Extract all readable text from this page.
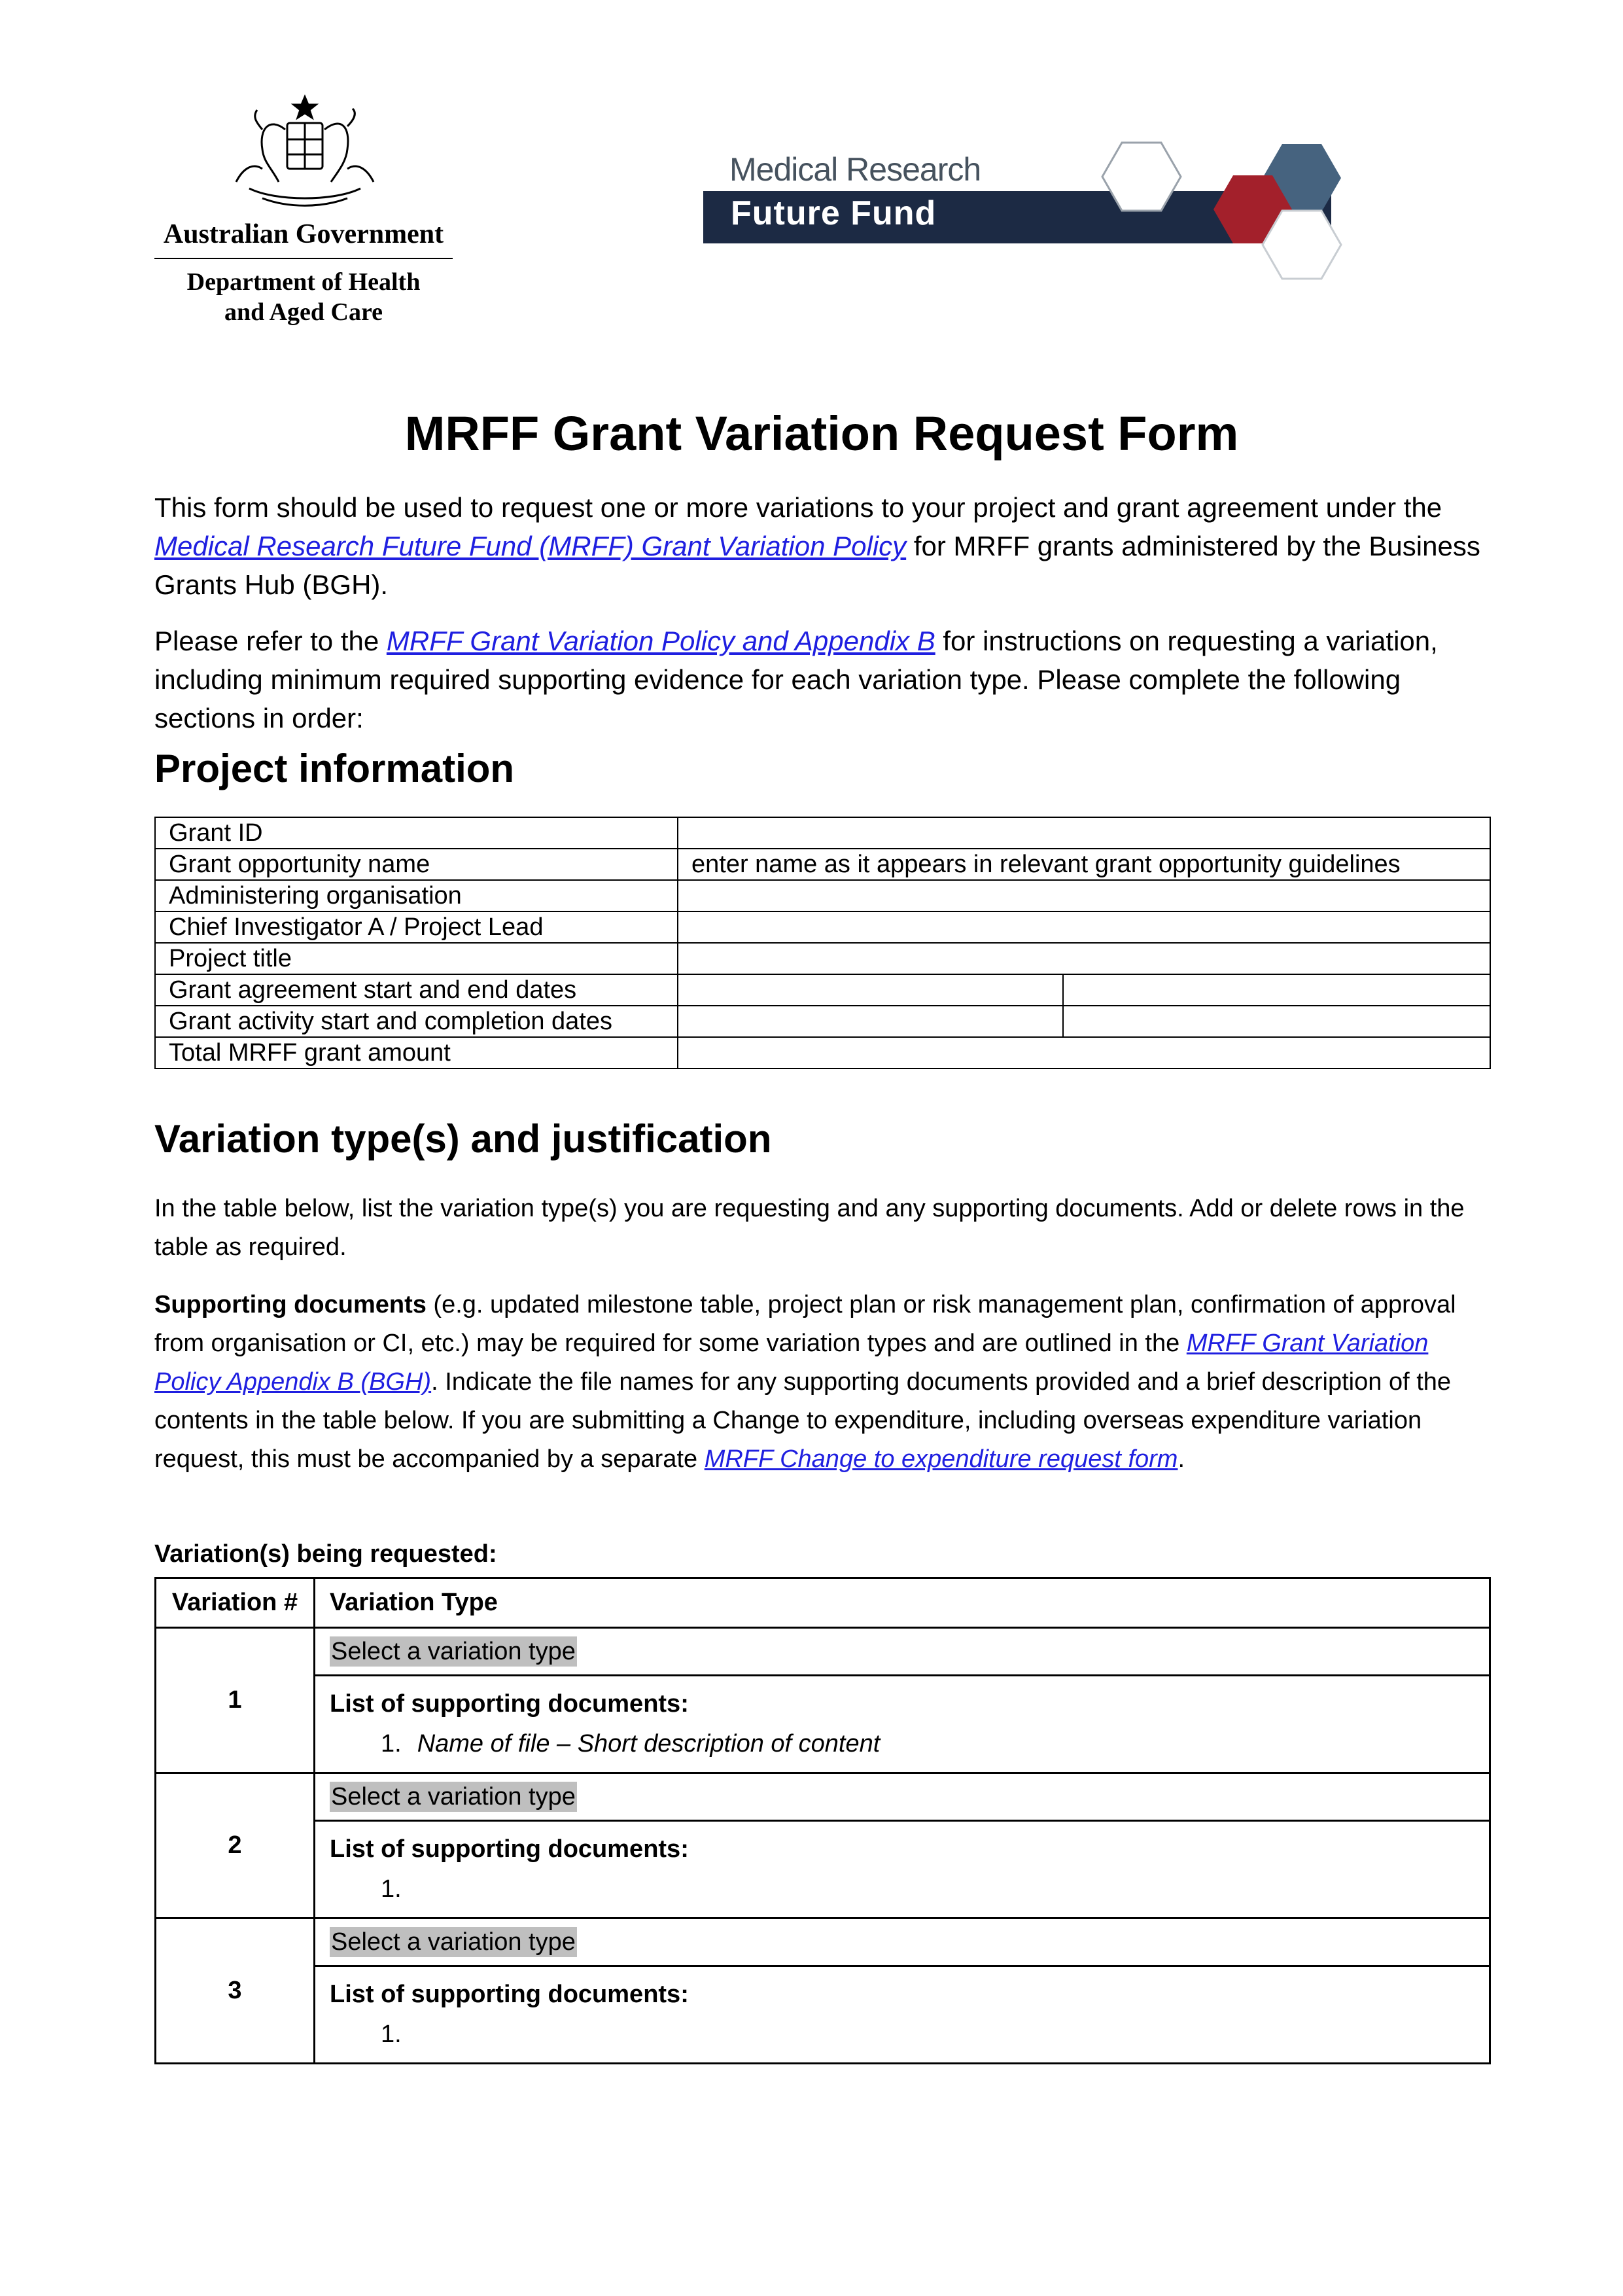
Australian Government
Department of Health
and Aged Care
Medical Research
Future Fund
MRFF Grant Variation Request Form
This form should be used to request one or more variations to your project and grant agreement under the Medical Research Future Fund (MRFF) Grant Variation Policy for MRFF grants administered by the Business Grants Hub (BGH).
Please refer to the MRFF Grant Variation Policy and Appendix B for instructions on requesting a variation, including minimum required supporting evidence for each variation type. Please complete the following sections in order:
Project information
Grant ID		
Grant opportunity name	enter name as it appears in relevant grant opportunity guidelines	
Administering organisation		
Chief Investigator A / Project Lead		
Project title		
Grant agreement start and end dates		
Grant activity start and completion dates		
Total MRFF grant amount		
Variation type(s) and justification
In the table below, list the variation type(s) you are requesting and any supporting documents. Add or delete rows in the table as required.
Supporting documents (e.g. updated milestone table, project plan or risk management plan, confirmation of approval from organisation or CI, etc.) may be required for some variation types and are outlined in the MRFF Grant Variation Policy Appendix B (BGH). Indicate the file names for any supporting documents provided and a brief description of the contents in the table below. If you are submitting a Change to expenditure, including overseas expenditure variation request, this must be accompanied by a separate MRFF Change to expenditure request form.
Variation(s) being requested:
Variation #	Variation Type
1	Select a variation type

	List of supporting documents:
1. Name of file – Short description of content

2	Select a variation type

	List of supporting documents:
1.

3	Select a variation type

	List of supporting documents:
1.
